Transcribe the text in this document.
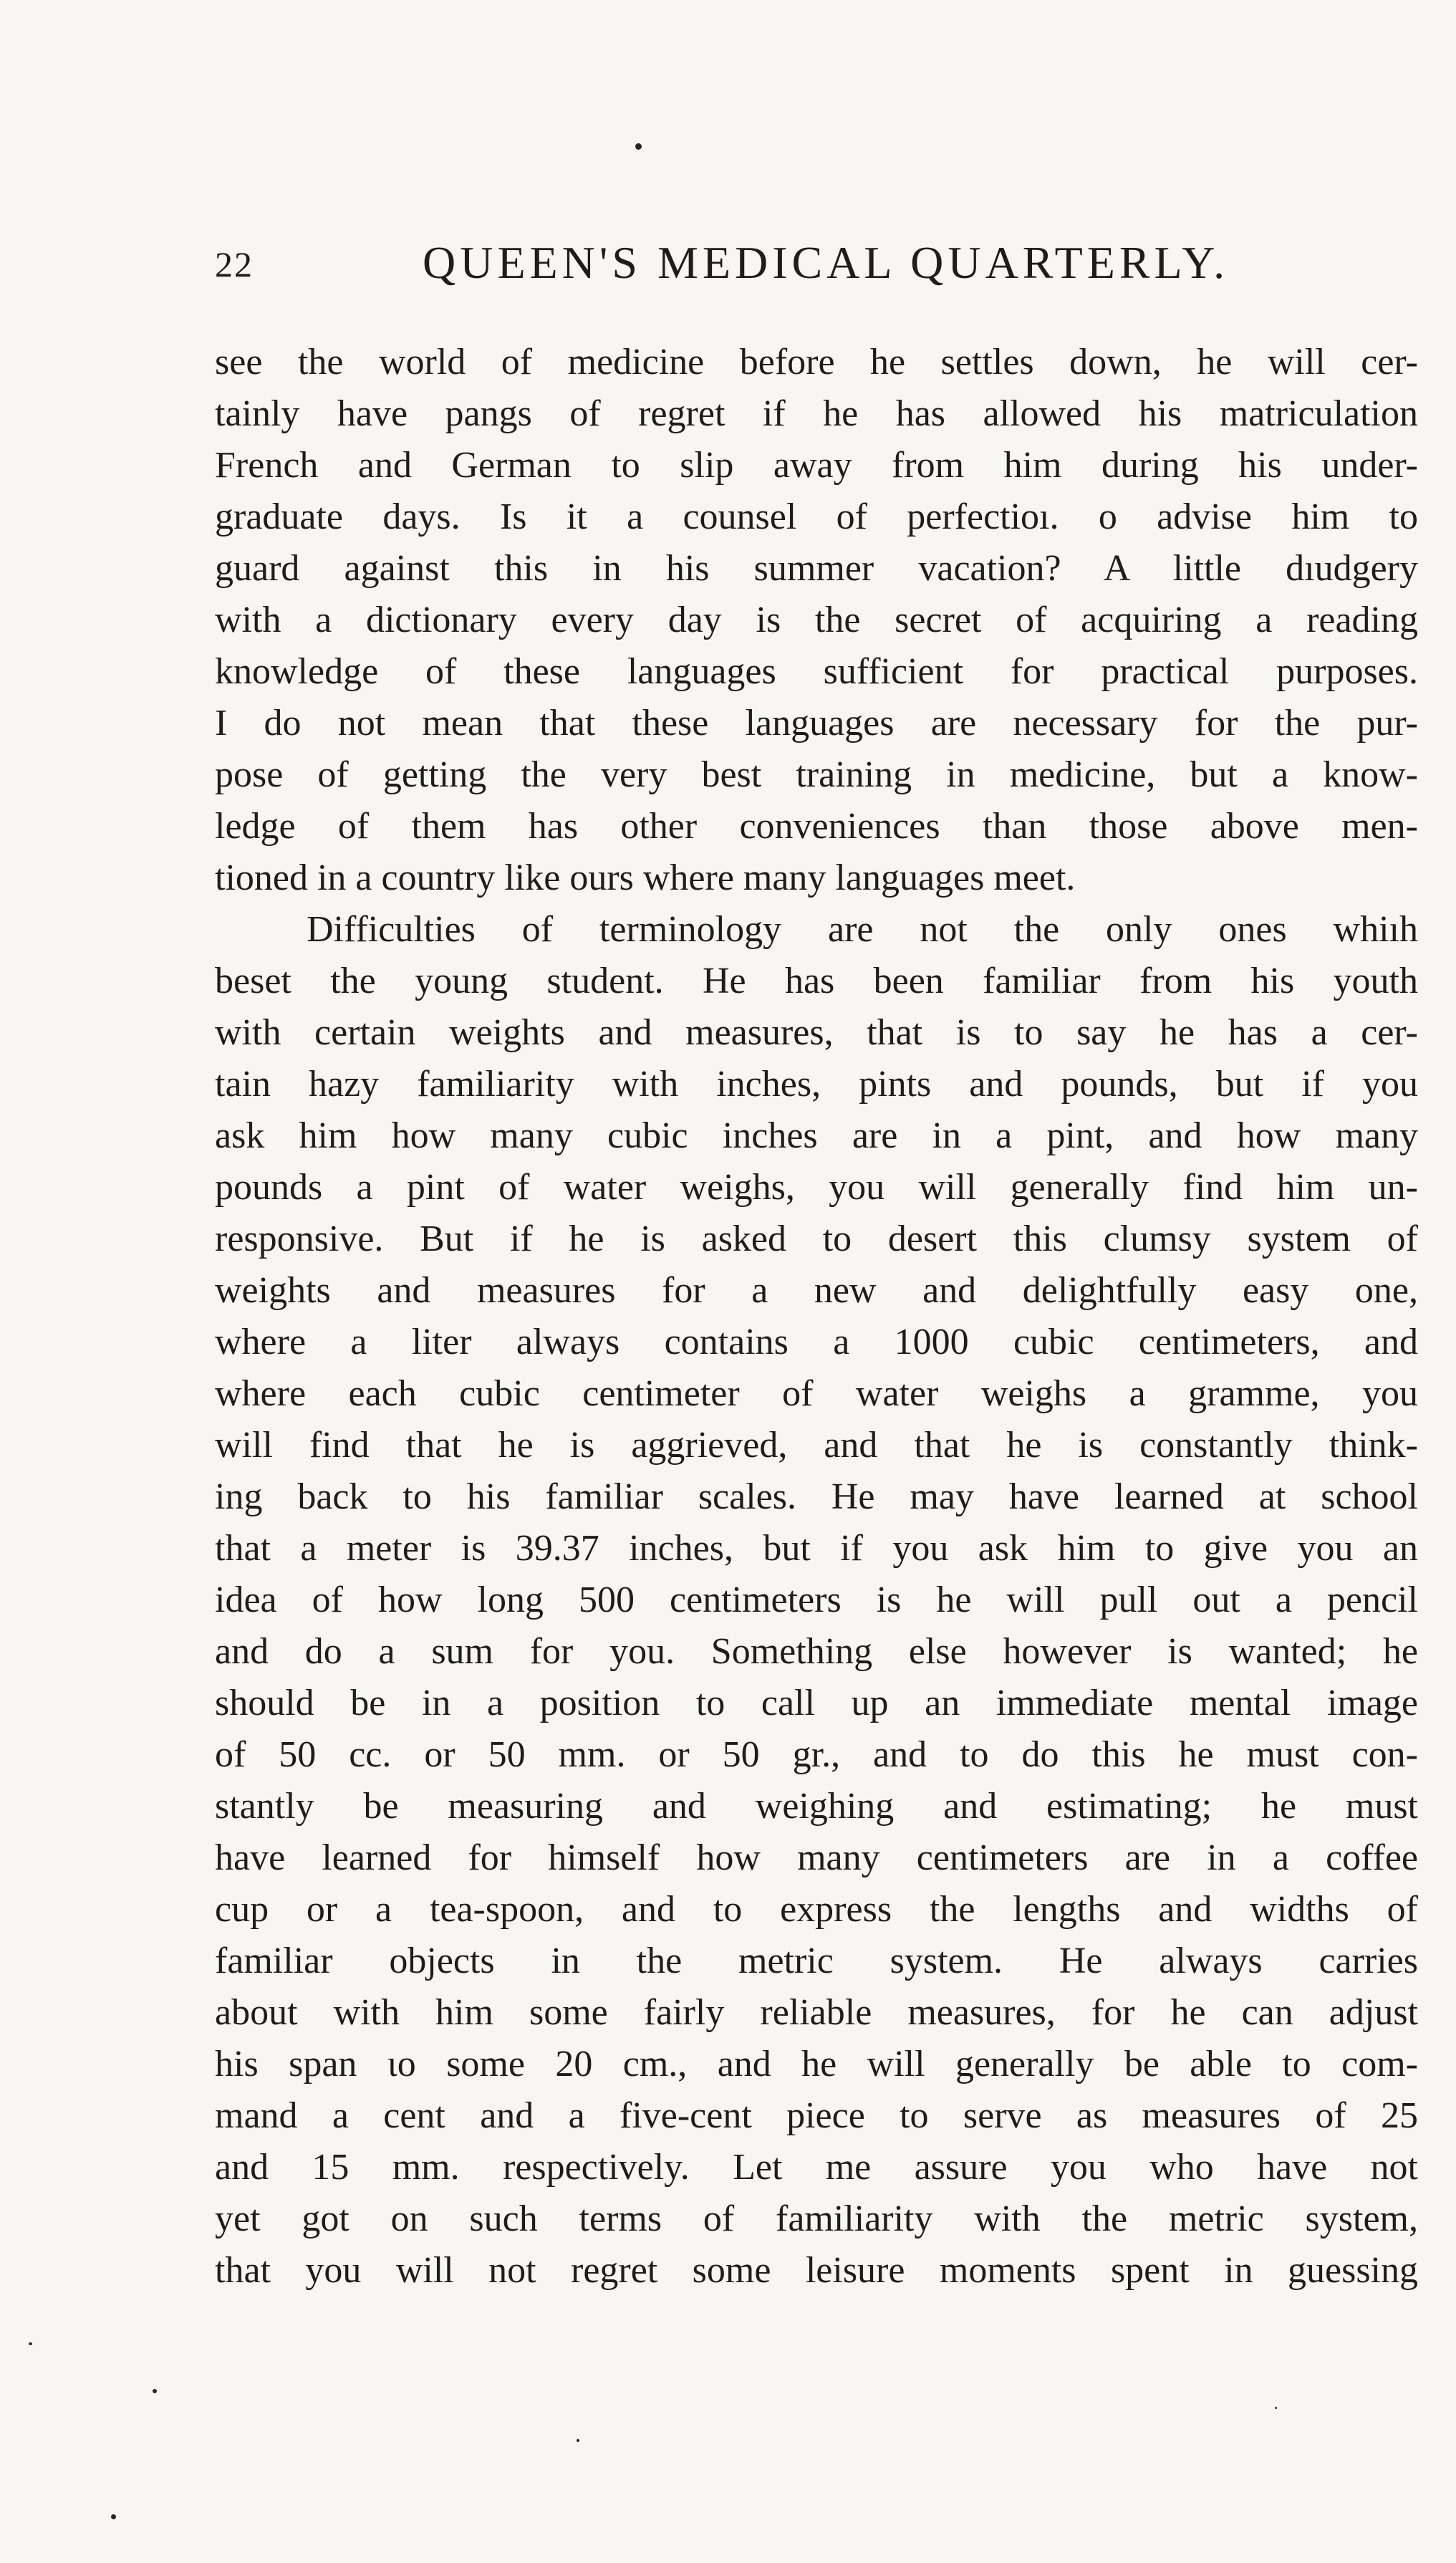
22	QUEEN'S MEDICAL QUARTERLY.
see the world of medicine before he settles down, he will cer-
tainly have pangs of regret if he has allowed his matriculation
French and German to slip away from him during his under-
graduate days. Is it a counsel of perfectioı. ο advise him to
guard against this in his summer vacation? A little dıudgery
with a dictionary every day is the secret of acquiring a reading
knowledge of these languages sufficient for practical purposes.
I do not mean that these languages are necessary for the pur-
pose of getting the very best training in medicine, but a know-
ledge of them has other conveniences than those above men-
tioned in a country like ours where many languages meet.
Difficulties of terminology are not the only ones whiıh
beset the young student. He has been familiar from his youth
with certain weights and measures, that is to say he has a cer-
tain hazy familiarity with inches, pints and pounds, but if you
ask him how many cubic inches are in a pint, and how many
pounds a pint of water weighs, you will generally find him un-
responsive. But if he is asked to desert this clumsy system of
weights and measures for a new and delightfully easy one,
where a liter always contains a 1000 cubic centimeters, and
where each cubic centimeter of water weighs a gramme, you
will find that he is aggrieved, and that he is constantly think-
ing back to his familiar scales. He may have learned at school
that a meter is 39.37 inches, but if you ask him to give you an
idea of how long 500 centimeters is he will pull out a pencil
and do a sum for you. Something else however is wanted; he
should be in a position to call up an immediate mental image
of 50 cc. or 50 mm. or 50 gr., and to do this he must con-
stantly be measuring and weighing and estimating; he must
have learned for himself how many centimeters are in a coffee
cup or a tea-spoon, and to express the lengths and widths of
familiar objects in the metric system. He always carries
about with him some fairly reliable measures, for he can adjust
his span ιo some 20 cm., and he will generally be able to com-
mand a cent and a five-cent piece to serve as measures of 25
and 15 mm. respectively. Let me assure you who have not
yet got on such terms of familiarity with the metric system,
that you will not regret some leisure moments spent in guessing
